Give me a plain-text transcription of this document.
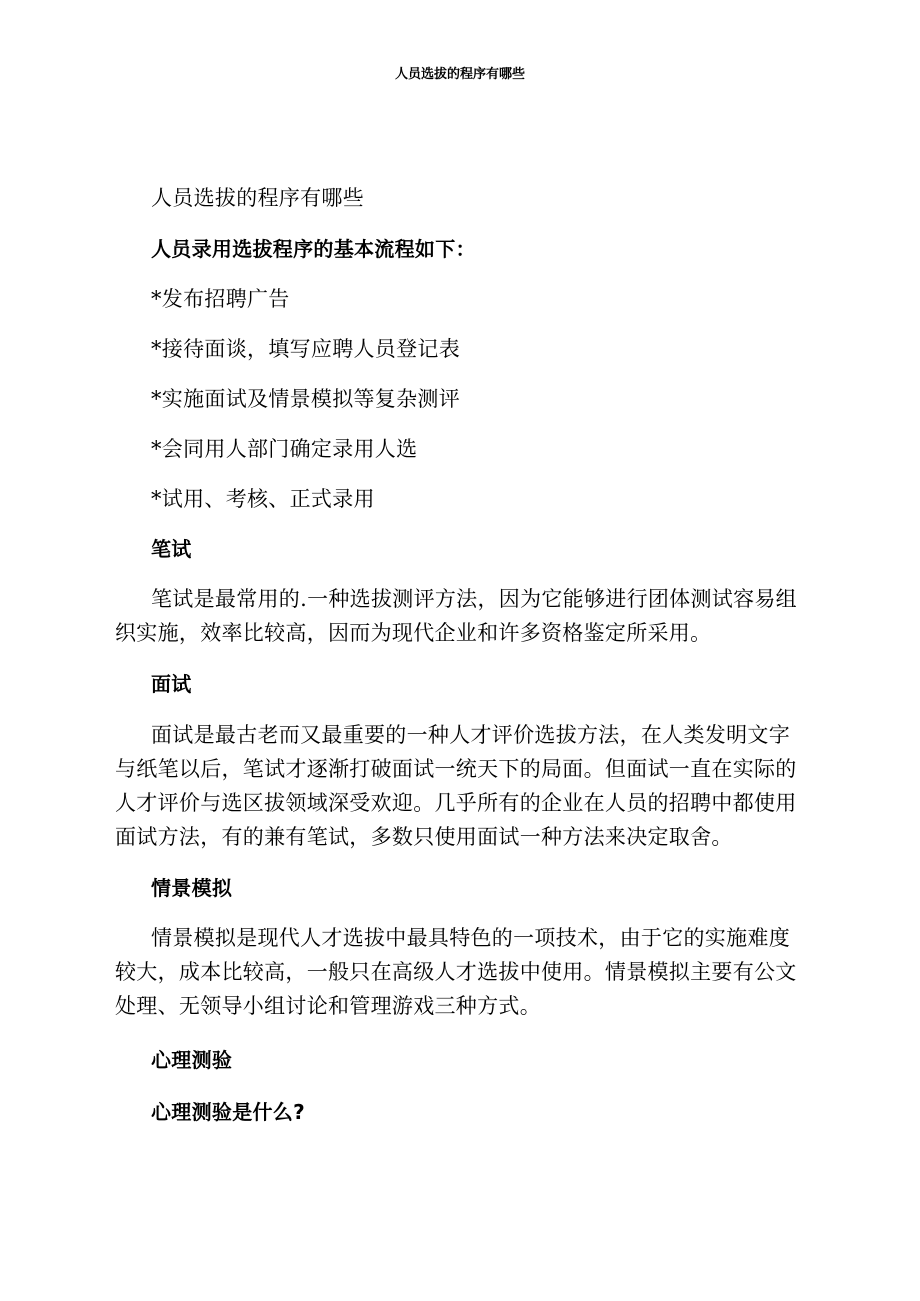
人员选拔的程序有哪些

人员选拔的程序有哪些

人员录用选拔程序的基本流程如下：

*发布招聘广告

*接待面谈，填写应聘人员登记表

*实施面试及情景模拟等复杂测评

*会同用人部门确定录用人选

*试用、考核、正式录用

笔试

笔试是最常用的.一种选拔测评方法，因为它能够进行团体测试容易组织实施，效率比较高，因而为现代企业和许多资格鉴定所采用。

面试

面试是最古老而又最重要的一种人才评价选拔方法，在人类发明文字与纸笔以后，笔试才逐渐打破面试一统天下的局面。但面试一直在实际的人才评价与选区拔领域深受欢迎。几乎所有的企业在人员的招聘中都使用面试方法，有的兼有笔试，多数只使用面试一种方法来决定取舍。

情景模拟

情景模拟是现代人才选拔中最具特色的一项技术，由于它的实施难度较大，成本比较高，一般只在高级人才选拔中使用。情景模拟主要有公文处理、无领导小组讨论和管理游戏三种方式。

心理测验

心理测验是什么?
